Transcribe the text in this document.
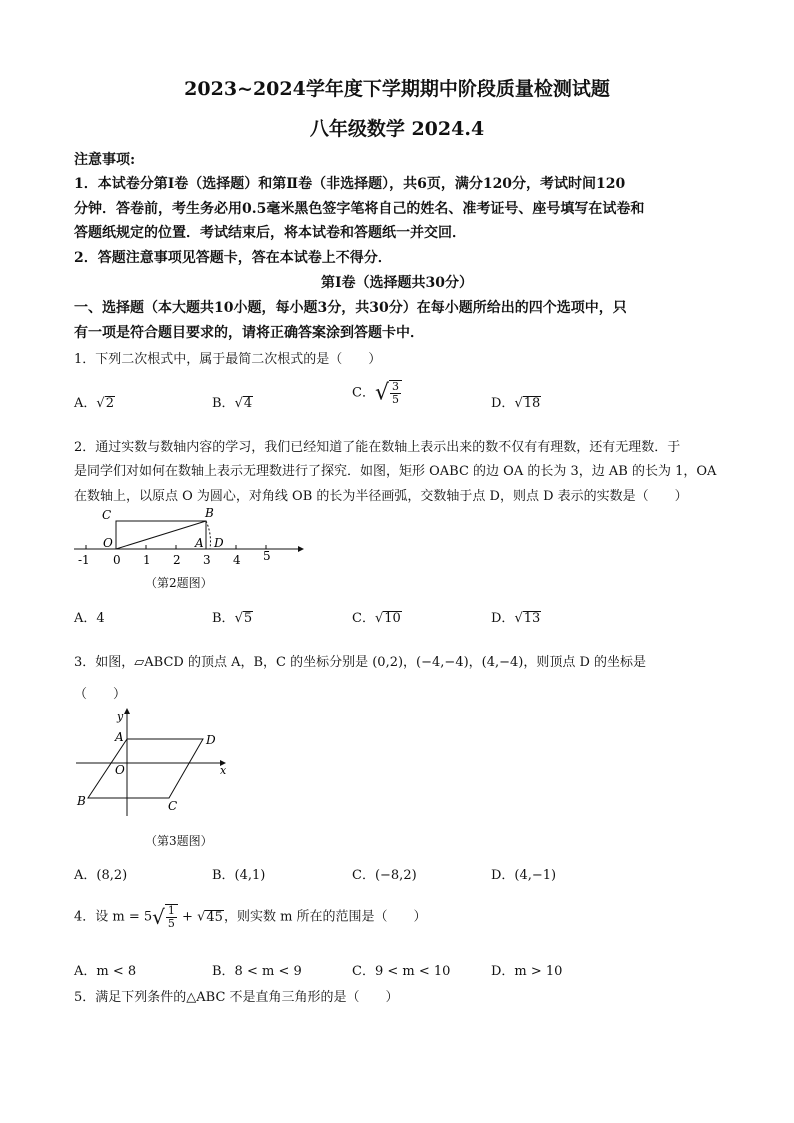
2023~2024学年度下学期期中阶段质量检测试题
八年级数学 2024.4
注意事项:
1．本试卷分第Ⅰ卷（选择题）和第Ⅱ卷（非选择题），共6页，满分120分，考试时间120
分钟．答卷前，考生务必用0.5毫米黑色签字笔将自己的姓名、准考证号、座号填写在试卷和
答题纸规定的位置．考试结束后，将本试卷和答题纸一并交回．
2．答题注意事项见答题卡，答在本试卷上不得分．
第Ⅰ卷（选择题共30分）
一、选择题（本大题共10小题，每小题3分，共30分）在每小题所给出的四个选项中，只
有一项是符合题目要求的，请将正确答案涂到答题卡中．
1．下列二次根式中，属于最简二次根式的是（　　）
A．√2	B．√4
C．√ $\frac{3}{5}$	D．√18
2．通过实数与数轴内容的学习，我们已经知道了能在数轴上表示出来的数不仅有有理数，还有无理数．于
是同学们对如何在数轴上表示无理数进行了探究．如图，矩形 OABC 的边 OA 的长为 3，边 AB 的长为 1，OA
在数轴上，以原点 O 为圆心，对角线 OB 的长为半径画弧，交数轴于点 D，则点 D 表示的实数是（　　）
-1 0 1 2 3 4 5
C	B
O	A D
（第2题图）
A．4	B．√5	C．√10	D．√13
3．如图，▱ABCD 的顶点 A，B，C 的坐标分别是 (0,2)，(−4,−4)，(4,−4)，则顶点 D 的坐标是
（　　）
y
x
A	D
O
B	C
（第3题图）
A．(8,2)	B．(4,1)	C．(−8,2)	D．(4,−1)
4．设 $m = 5√ \frac{1}{5} + √45$，则实数 m 所在的范围是（　　）
A．m < 8	B．8 < m < 9	C．9 < m < 10	D．m > 10
5．满足下列条件的△ABC 不是直角三角形的是（　　）
